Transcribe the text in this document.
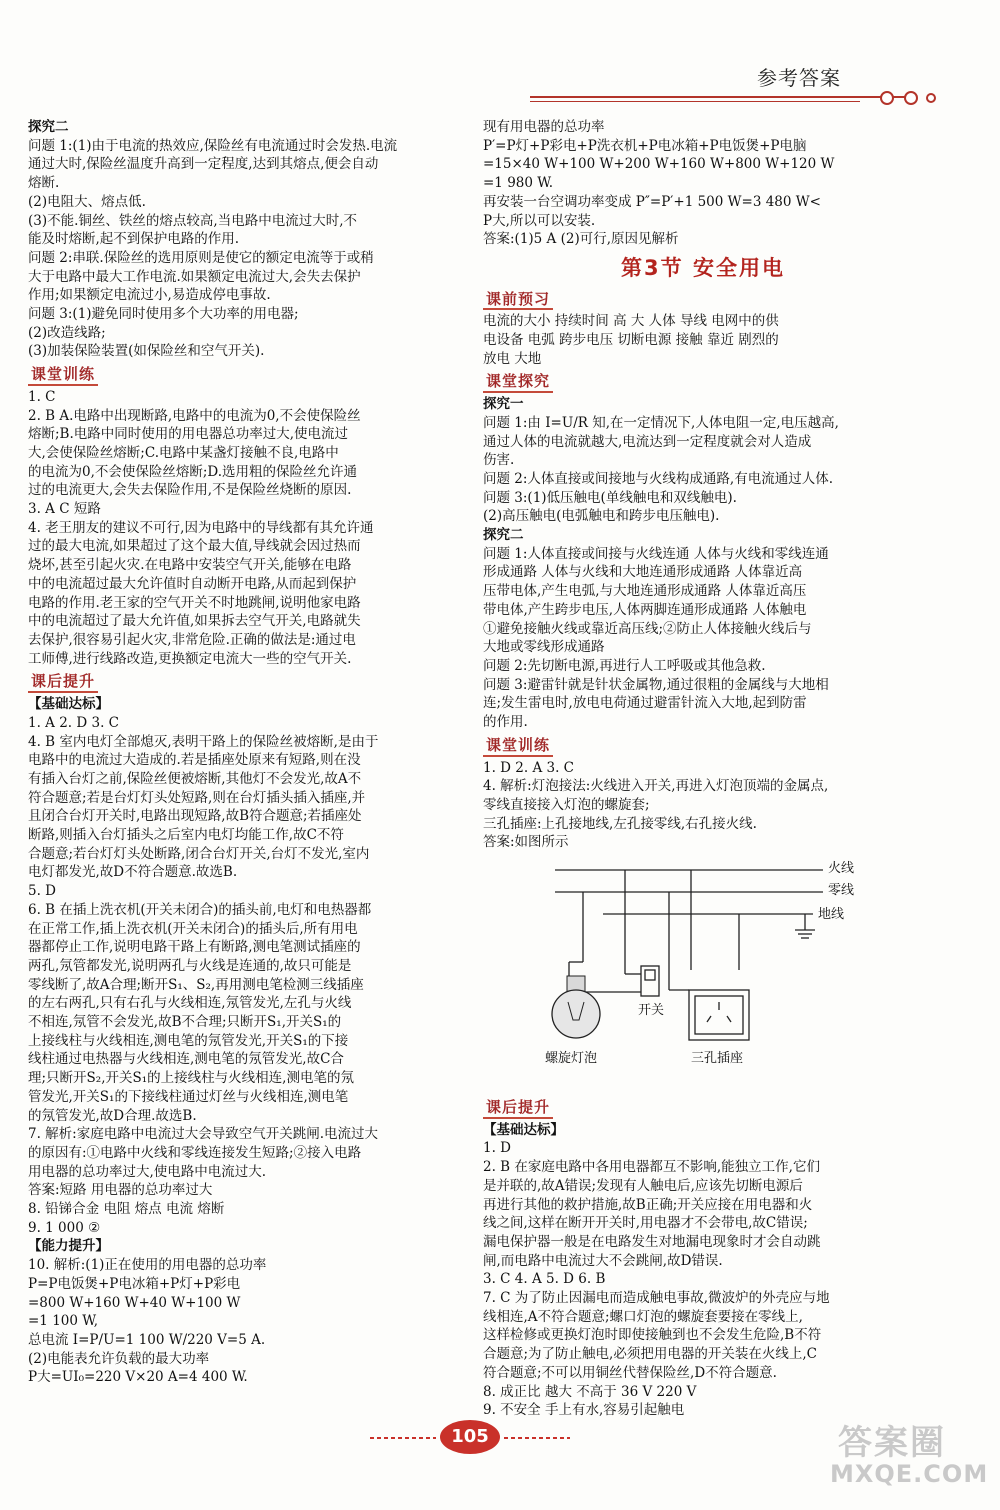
参考答案
探究二
问题 1:(1)由于电流的热效应,保险丝有电流通过时会发热.电流
通过大时,保险丝温度升高到一定程度,达到其熔点,便会自动
熔断.
(2)电阻大、熔点低.
(3)不能.铜丝、铁丝的熔点较高,当电路中电流过大时,不
能及时熔断,起不到保护电路的作用.
问题 2:串联.保险丝的选用原则是使它的额定电流等于或稍
大于电路中最大工作电流.如果额定电流过大,会失去保护
作用;如果额定电流过小,易造成停电事故.
问题 3:(1)避免同时使用多个大功率的用电器;
(2)改造线路;
(3)加装保险装置(如保险丝和空气开关).
课堂训练
1. C
2. B A.电路中出现断路,电路中的电流为0,不会使保险丝
熔断;B.电路中同时使用的用电器总功率过大,使电流过
大,会使保险丝熔断;C.电路中某盏灯接触不良,电路中
的电流为0,不会使保险丝熔断;D.选用粗的保险丝允许通
过的电流更大,会失去保险作用,不是保险丝烧断的原因.
3. A C 短路
4. 老王朋友的建议不可行,因为电路中的导线都有其允许通
过的最大电流,如果超过了这个最大值,导线就会因过热而
烧坏,甚至引起火灾.在电路中安装空气开关,能够在电路
中的电流超过最大允许值时自动断开电路,从而起到保护
电路的作用.老王家的空气开关不时地跳闸,说明他家电路
中的电流超过了最大允许值,如果拆去空气开关,电路就失
去保护,很容易引起火灾,非常危险.正确的做法是:通过电
工师傅,进行线路改造,更换额定电流大一些的空气开关.
课后提升
【基础达标】
1. A 2. D 3. C
4. B 室内电灯全部熄灭,表明干路上的保险丝被熔断,是由于
电路中的电流过大造成的.若是插座处原来有短路,则在没
有插入台灯之前,保险丝便被熔断,其他灯不会发光,故A不
符合题意;若是台灯灯头处短路,则在台灯插头插入插座,并
且闭合台灯开关时,电路出现短路,故B符合题意;若插座处
断路,则插入台灯插头之后室内电灯均能工作,故C不符
合题意;若台灯灯头处断路,闭合台灯开关,台灯不发光,室内
电灯都发光,故D不符合题意.故选B.
5. D
6. B 在插上洗衣机(开关未闭合)的插头前,电灯和电热器都
在正常工作,插上洗衣机(开关未闭合)的插头后,所有用电
器都停止工作,说明电路干路上有断路,测电笔测试插座的
两孔,氖管都发光,说明两孔与火线是连通的,故只可能是
零线断了,故A合理;断开S₁、S₂,再用测电笔检测三线插座
的左右两孔,只有右孔与火线相连,氖管发光,左孔与火线
不相连,氖管不会发光,故B不合理;只断开S₁,开关S₁的
上接线柱与火线相连,测电笔的氖管发光,开关S₁的下接
线柱通过电热器与火线相连,测电笔的氖管发光,故C合
理;只断开S₂,开关S₁的上接线柱与火线相连,测电笔的氖
管发光,开关S₁的下接线柱通过灯丝与火线相连,测电笔
的氖管发光,故D合理.故选B.
7. 解析:家庭电路中电流过大会导致空气开关跳闸.电流过大
的原因有:①电路中火线和零线连接发生短路;②接入电路
用电器的总功率过大,使电路中电流过大.
答案:短路 用电器的总功率过大
8. 铅锑合金 电阻 熔点 电流 熔断
9. 1 000 ②
【能力提升】
10. 解析:(1)正在使用的用电器的总功率
P=P电饭煲+P电冰箱+P灯+P彩电
=800 W+160 W+40 W+100 W
=1 100 W,
总电流 I=P/U=1 100 W/220 V=5 A.
(2)电能表允许负载的最大功率
P大=UI₀=220 V×20 A=4 400 W.
现有用电器的总功率
P′=P灯+P彩电+P洗衣机+P电冰箱+P电饭煲+P电脑
=15×40 W+100 W+200 W+160 W+800 W+120 W
=1 980 W.
再安装一台空调功率变成 P″=P′+1 500 W=3 480 W<
P大,所以可以安装.
答案:(1)5 A (2)可行,原因见解析
第3节 安全用电
课前预习
电流的大小 持续时间 高 大 人体 导线 电网中的供
电设备 电弧 跨步电压 切断电源 接触 靠近 剧烈的
放电 大地
课堂探究
探究一
问题 1:由 I=U/R 知,在一定情况下,人体电阻一定,电压越高,
通过人体的电流就越大,电流达到一定程度就会对人造成
伤害.
问题 2:人体直接或间接地与火线构成通路,有电流通过人体.
问题 3:(1)低压触电(单线触电和双线触电).
(2)高压触电(电弧触电和跨步电压触电).
探究二
问题 1:人体直接或间接与火线连通 人体与火线和零线连通
形成通路 人体与火线和大地连通形成通路 人体靠近高
压带电体,产生电弧,与大地连通形成通路 人体靠近高压
带电体,产生跨步电压,人体两脚连通形成通路 人体触电
①避免接触火线或靠近高压线;②防止人体接触火线后与
大地或零线形成通路
问题 2:先切断电源,再进行人工呼吸或其他急救.
问题 3:避雷针就是针状金属物,通过很粗的金属线与大地相
连;发生雷电时,放电电荷通过避雷针流入大地,起到防雷
的作用.
课堂训练
1. D 2. A 3. C
4. 解析:灯泡接法:火线进入开关,再进入灯泡顶端的金属点,
零线直接接入灯泡的螺旋套;
三孔插座:上孔接地线,左孔接零线,右孔接火线.
答案:如图所示
火线
零线
地线
开关
螺旋灯泡	三孔插座
课后提升
【基础达标】
1. D
2. B 在家庭电路中各用电器都互不影响,能独立工作,它们
是并联的,故A错误;发现有人触电后,应该先切断电源后
再进行其他的救护措施,故B正确;开关应接在用电器和火
线之间,这样在断开开关时,用电器才不会带电,故C错误;
漏电保护器一般是在电路发生对地漏电现象时才会自动跳
闸,而电路中电流过大不会跳闸,故D错误.
3. C 4. A 5. D 6. B
7. C 为了防止因漏电而造成触电事故,微波炉的外壳应与地
线相连,A不符合题意;螺口灯泡的螺旋套要接在零线上,
这样检修或更换灯泡时即使接触到也不会发生危险,B不符
合题意;为了防止触电,必须把用电器的开关装在火线上,C
符合题意;不可以用铜丝代替保险丝,D不符合题意.
8. 成正比 越大 不高于 36 V 220 V
9. 不安全 手上有水,容易引起触电
105	答案圈
MXQE.COM
